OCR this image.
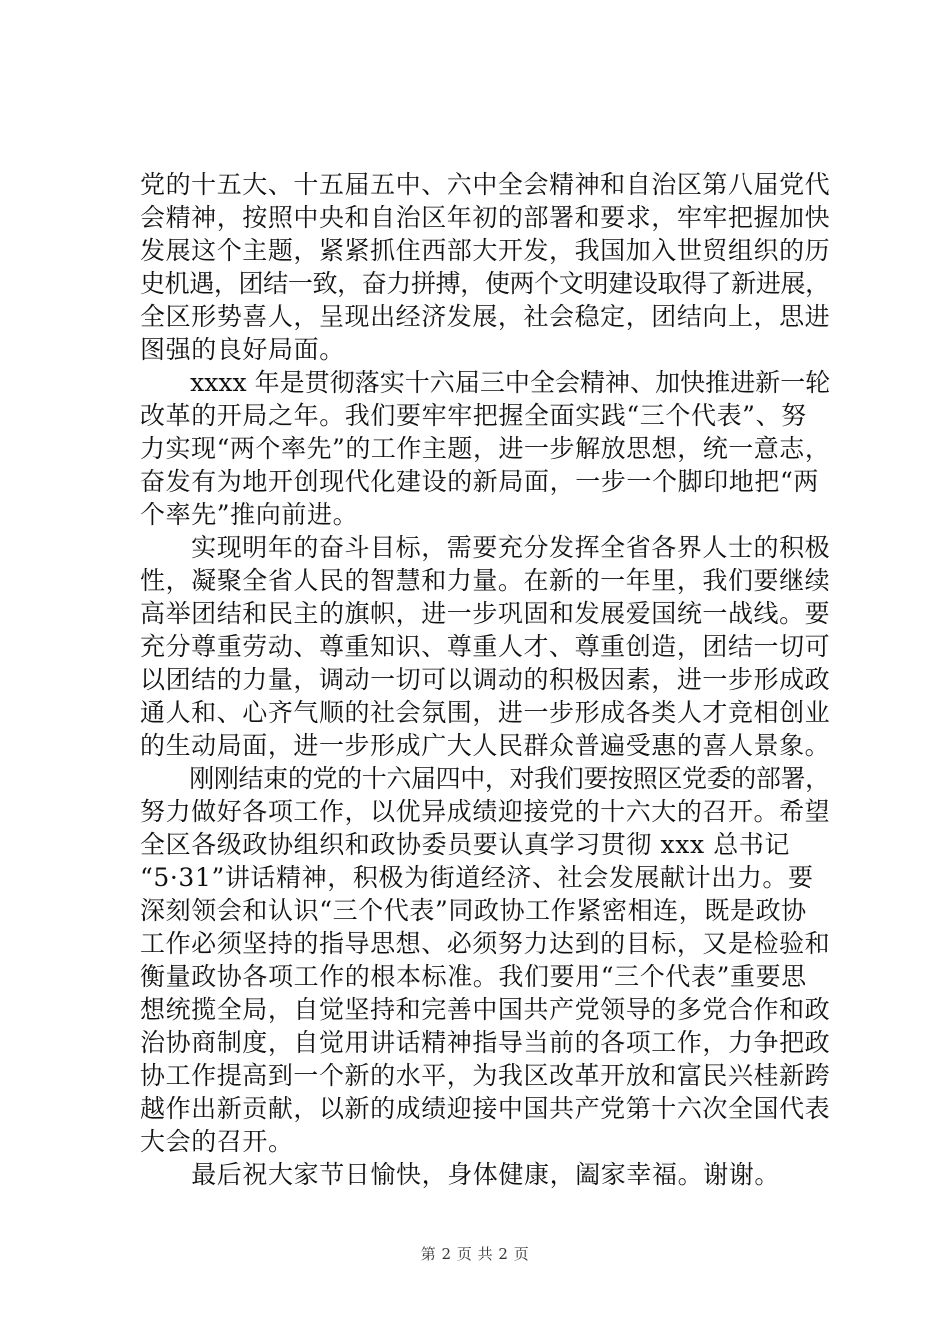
党的十五大、十五届五中、六中全会精神和自治区第八届党代
会精神，按照中央和自治区年初的部署和要求，牢牢把握加快
发展这个主题，紧紧抓住西部大开发，我国加入世贸组织的历
史机遇，团结一致，奋力拼搏，使两个文明建设取得了新进展，
全区形势喜人，呈现出经济发展，社会稳定，团结向上，思进
图强的良好局面。
　　xxxx 年是贯彻落实十六届三中全会精神、加快推进新一轮
改革的开局之年。我们要牢牢把握全面实践“三个代表”、努
力实现“两个率先”的工作主题，进一步解放思想，统一意志，
奋发有为地开创现代化建设的新局面，一步一个脚印地把“两
个率先”推向前进。
　　实现明年的奋斗目标，需要充分发挥全省各界人士的积极
性，凝聚全省人民的智慧和力量。在新的一年里，我们要继续
高举团结和民主的旗帜，进一步巩固和发展爱国统一战线。要
充分尊重劳动、尊重知识、尊重人才、尊重创造，团结一切可
以团结的力量，调动一切可以调动的积极因素，进一步形成政
通人和、心齐气顺的社会氛围，进一步形成各类人才竞相创业
的生动局面，进一步形成广大人民群众普遍受惠的喜人景象。
　　刚刚结束的党的十六届四中，对我们要按照区党委的部署，
努力做好各项工作，以优异成绩迎接党的十六大的召开。希望
全区各级政协组织和政协委员要认真学习贯彻 xxx 总书记
“5·31”讲话精神，积极为街道经济、社会发展献计出力。要
深刻领会和认识“三个代表”同政协工作紧密相连，既是政协
工作必须坚持的指导思想、必须努力达到的目标，又是检验和
衡量政协各项工作的根本标准。我们要用“三个代表”重要思
想统揽全局，自觉坚持和完善中国共产党领导的多党合作和政
治协商制度，自觉用讲话精神指导当前的各项工作，力争把政
协工作提高到一个新的水平，为我区改革开放和富民兴桂新跨
越作出新贡献，以新的成绩迎接中国共产党第十六次全国代表
大会的召开。
　　最后祝大家节日愉快，身体健康，阖家幸福。谢谢。
第 2 页 共 2 页
